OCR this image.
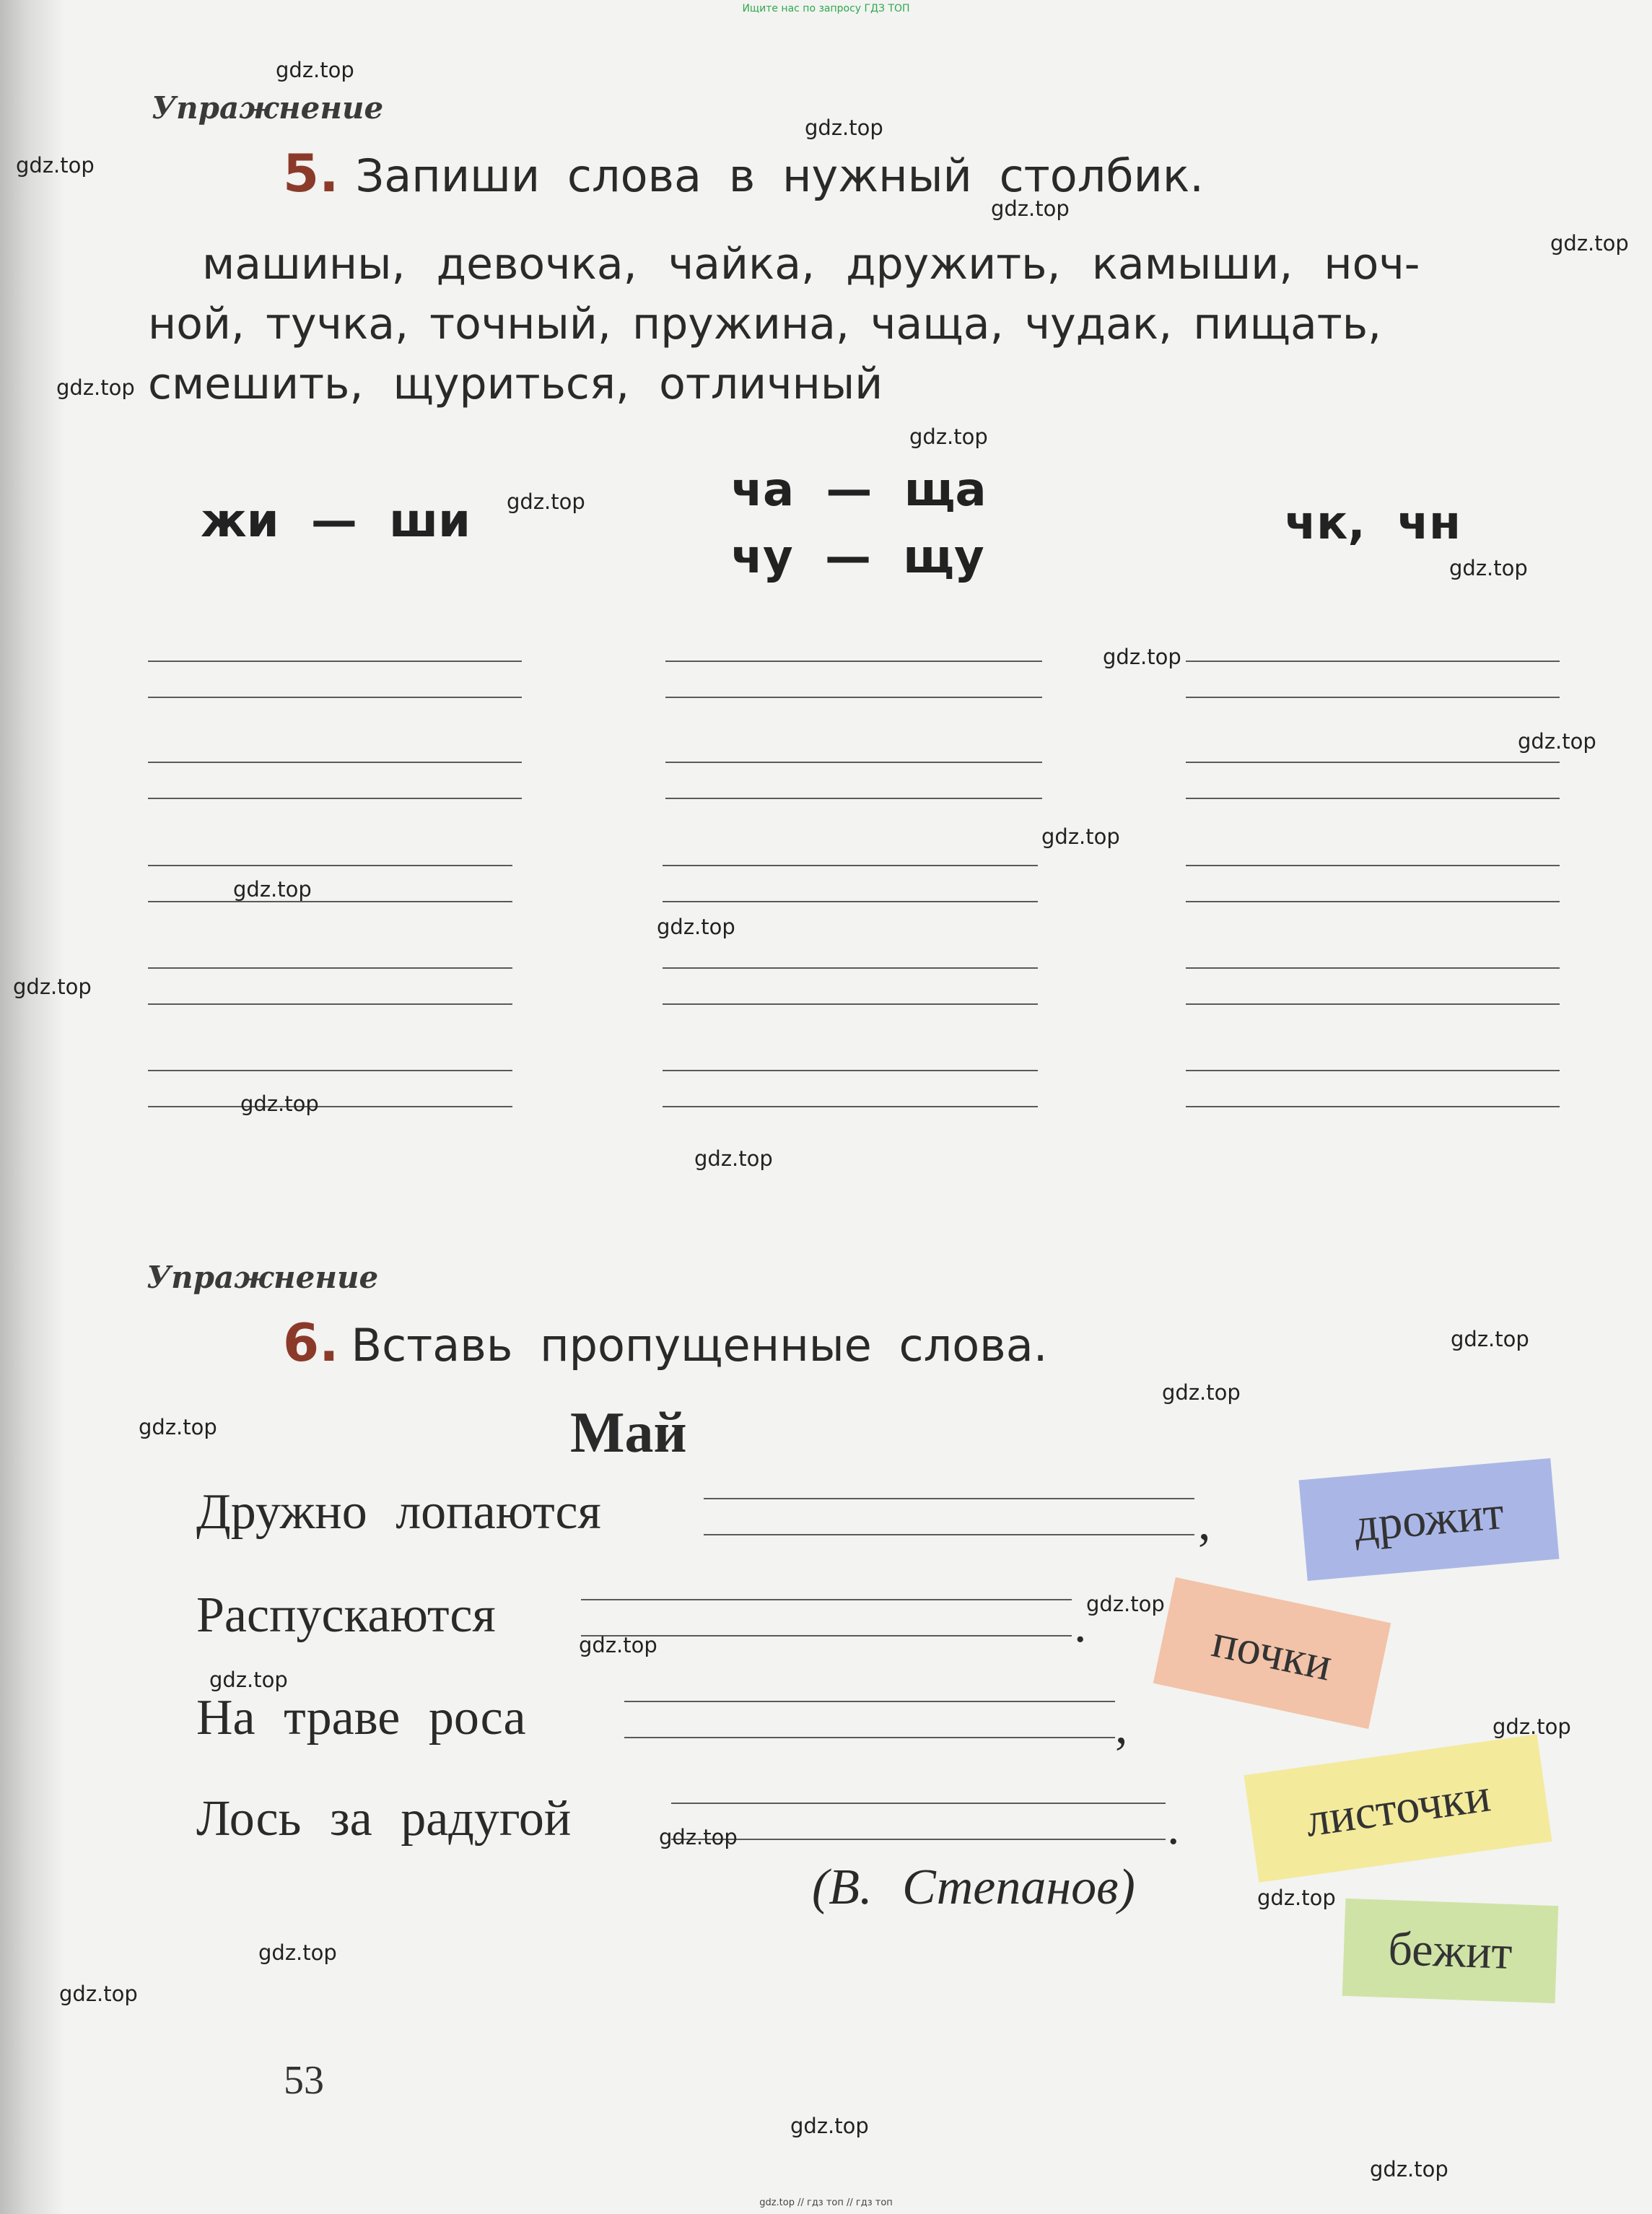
Ищите нас по запросу ГДЗ ТОП
Упражнение
5. Запиши слова в нужный столбик.
машины, девочка, чайка, дружить, камыши, ноч-
ной, тучка, точный, пружина, чаща, чудак, пищать,
смешить, щуриться, отличный
жи — ши
ча — ща
чу — щу
чк, чн
Упражнение
6. Вставь пропущенные слова.
Май
Дружно лопаются	,
Распускаются	.
На траве роса	,
Лось за радугой	.
(В. Степанов)
дрожит
почки
листочки
бежит
53
gdz.top
gdz.top
gdz.top
gdz.top
gdz.top
gdz.top
gdz.top
gdz.top
gdz.top
gdz.top
gdz.top
gdz.top
gdz.top
gdz.top
gdz.top
gdz.top
gdz.top
gdz.top
gdz.top
gdz.top
gdz.top
gdz.top
gdz.top
gdz.top
gdz.top
gdz.top
gdz.top
gdz.top
gdz.top
gdz.top
gdz.top // гдз топ // гдз топ
